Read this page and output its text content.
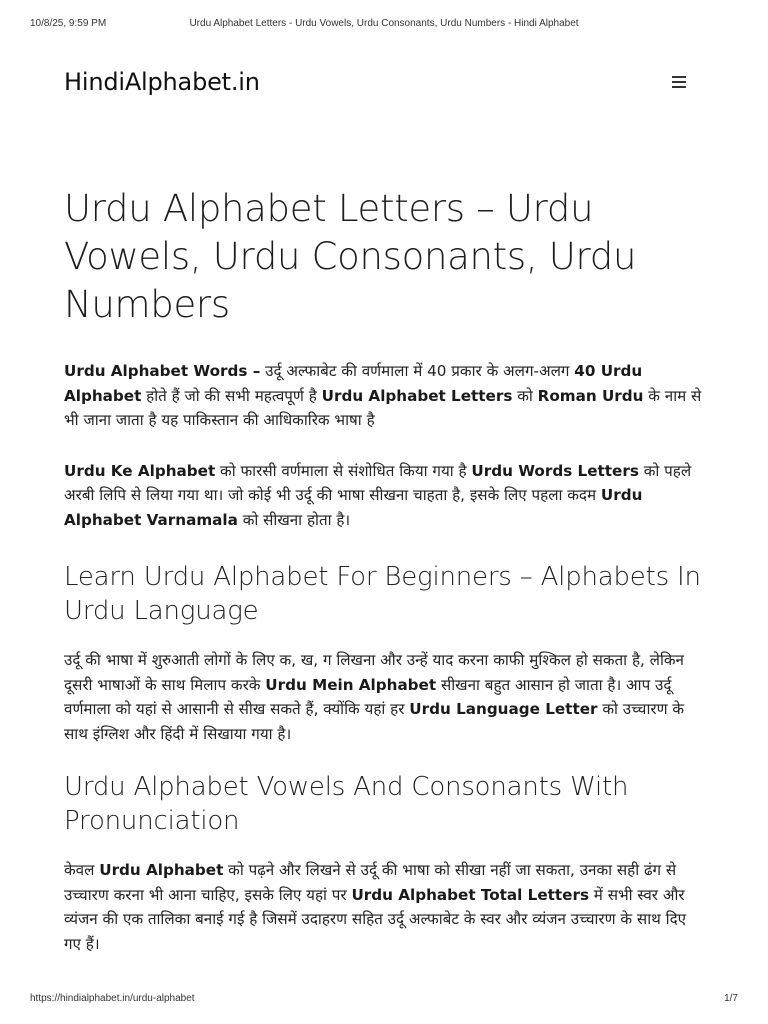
10/8/25, 9:59 PM	Urdu Alphabet Letters - Urdu Vowels, Urdu Consonants, Urdu Numbers - Hindi Alphabet
HindiAlphabet.in
Urdu Alphabet Letters – Urdu Vowels, Urdu Consonants, Urdu Numbers

Urdu Alphabet Words – उर्दू अल्फाबेट की वर्णमाला में 40 प्रकार के अलग-अलग 40 Urdu Alphabet होते हैं जो की सभी महत्वपूर्ण है Urdu Alphabet Letters को Roman Urdu के नाम से भी जाना जाता है यह पाकिस्तान की आधिकारिक भाषा है

Urdu Ke Alphabet को फारसी वर्णमाला से संशोधित किया गया है Urdu Words Letters को पहले अरबी लिपि से लिया गया था। जो कोई भी उर्दू की भाषा सीखना चाहता है, इसके लिए पहला कदम Urdu Alphabet Varnamala को सीखना होता है।

Learn Urdu Alphabet For Beginners – Alphabets In Urdu Language

उर्दू की भाषा में शुरुआती लोगों के लिए क, ख, ग लिखना और उन्हें याद करना काफी मुश्किल हो सकता है, लेकिन दूसरी भाषाओं के साथ मिलाप करके Urdu Mein Alphabet सीखना बहुत आसान हो जाता है। आप उर्दू वर्णमाला को यहां से आसानी से सीख सकते हैं, क्योंकि यहां हर Urdu Language Letter को उच्चारण के साथ इंग्लिश और हिंदी में सिखाया गया है।

Urdu Alphabet Vowels And Consonants With Pronunciation

केवल Urdu Alphabet को पढ़ने और लिखने से उर्दू की भाषा को सीखा नहीं जा सकता, उनका सही ढंग से उच्चारण करना भी आना चाहिए, इसके लिए यहां पर Urdu Alphabet Total Letters में सभी स्वर और व्यंजन की एक तालिका बनाई गई है जिसमें उदाहरण सहित उर्दू अल्फाबेट के स्वर और व्यंजन उच्चारण के साथ दिए गए हैं।

https://hindialphabet.in/urdu-alphabet	1/7
